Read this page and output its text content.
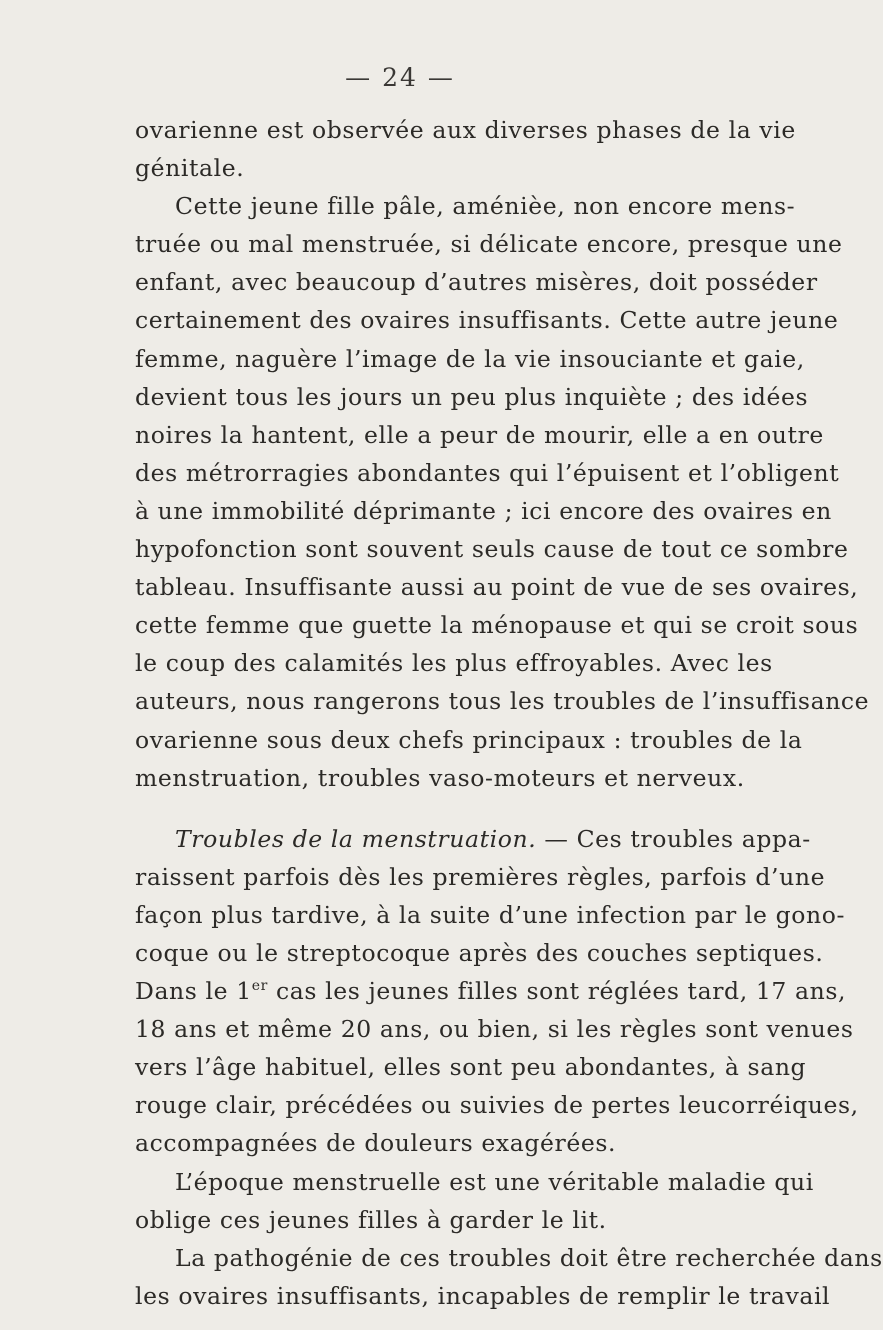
— 24 —

ovarienne est observée aux diverses phases de la vie
génitale.

Cette jeune fille pâle, aménièe, non encore mens-
truée ou mal menstruée, si délicate encore, presque une
enfant, avec beaucoup d’autres misères, doit posséder
certainement des ovaires insuffisants. Cette autre jeune
femme, naguère l’image de la vie insouciante et gaie,
devient tous les jours un peu plus inquiète ; des idées
noires la hantent, elle a peur de mourir, elle a en outre
des métrorragies abondantes qui l’épuisent et l’obligent
à une immobilité déprimante ; ici encore des ovaires en
hypofonction sont souvent seuls cause de tout ce sombre
tableau. Insuffisante aussi au point de vue de ses ovaires,
cette femme que guette la ménopause et qui se croit sous
le coup des calamités les plus effroyables. Avec les
auteurs, nous rangerons tous les troubles de l’insuffisance
ovarienne sous deux chefs principaux : troubles de la
menstruation, troubles vaso-moteurs et nerveux.

Troubles de la menstruation. — Ces troubles appa-
raissent parfois dès les premières règles, parfois d’une
façon plus tardive, à la suite d’une infection par le gono-
coque ou le streptocoque après des couches septiques.
Dans le 1er cas les jeunes filles sont réglées tard, 17 ans,
18 ans et même 20 ans, ou bien, si les règles sont venues
vers l’âge habituel, elles sont peu abondantes, à sang
rouge clair, précédées ou suivies de pertes leucorréiques,
accompagnées de douleurs exagérées.

L’époque menstruelle est une véritable maladie qui
oblige ces jeunes filles à garder le lit.

La pathogénie de ces troubles doit être recherchée dans
les ovaires insuffisants, incapables de remplir le travail
